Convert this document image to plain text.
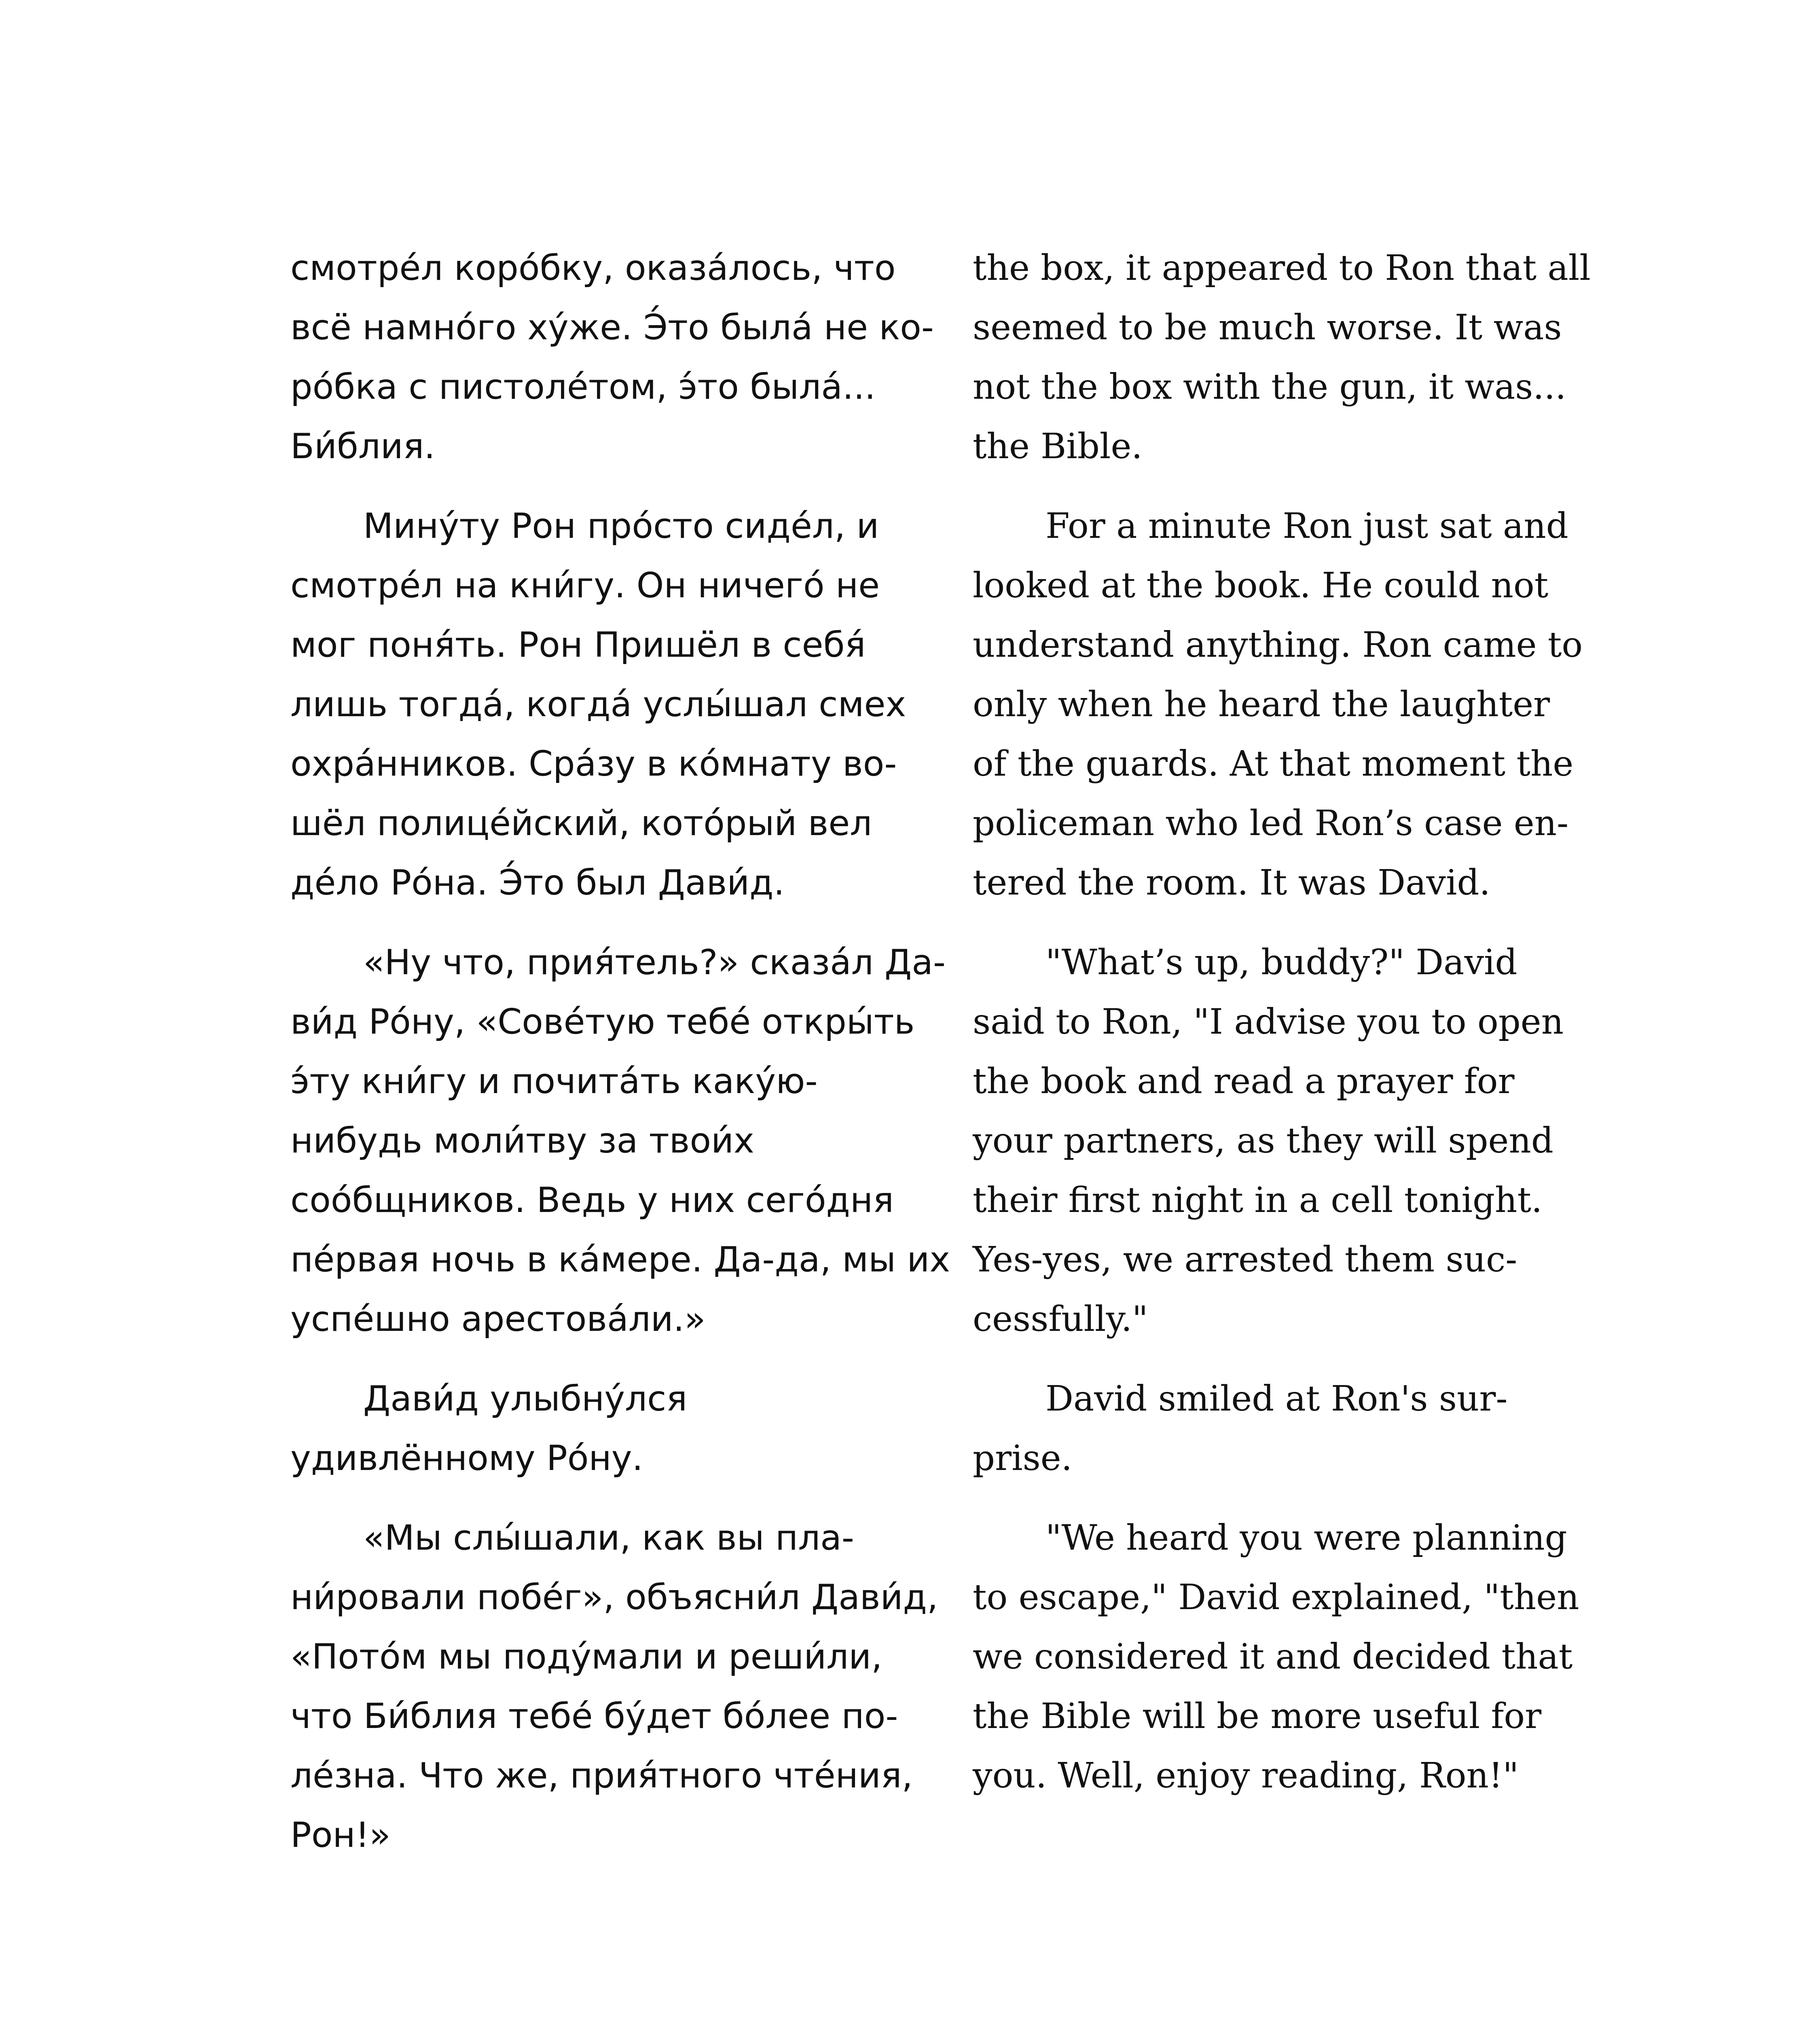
смотре́л коро́бку, оказа́лось, что
всё намно́го ху́же. Э́то была́ не ко-
ро́бка с пистоле́том, э́то была́...
Би́блия.
Мину́ту Рон про́сто сиде́л, и
смотре́л на кни́гу. Он ничего́ не
мог поня́ть. Рон Пришёл в себя́
лишь тогда́, когда́ услы́шал смех
охра́нников. Сра́зу в ко́мнату во-
шёл полице́йский, кото́рый вел
де́ло Ро́на. Э́то был Дави́д.
«Ну что, прия́тель?» сказа́л Да-
ви́д Ро́ну, «Сове́тую тебе́ откры́ть
э́ту кни́гу и почита́ть каку́ю-
нибудь моли́тву за твои́х
соо́бщников. Ведь у них сего́дня
пе́рвая ночь в ка́мере. Да-да, мы их
успе́шно арестова́ли.»
Дави́д улыбну́лся
удивлённому Ро́ну.
«Мы слы́шали, как вы пла-
ни́ровали побе́г», объясни́л Дави́д,
«Пото́м мы поду́мали и реши́ли,
что Би́блия тебе́ бу́дет бо́лее по-
ле́зна. Что же, прия́тного чте́ния,
Рон!»
the box, it appeared to Ron that all
seemed to be much worse. It was
not the box with the gun, it was...
the Bible.
For a minute Ron just sat and
looked at the book. He could not
understand anything. Ron came to
only when he heard the laughter
of the guards. At that moment the
policeman who led Ron’s case en-
tered the room. It was David.
"What’s up, buddy?" David
said to Ron, "I advise you to open
the book and read a prayer for
your partners, as they will spend
their first night in a cell tonight.
Yes-yes, we arrested them suc-
cessfully."
David smiled at Ron's sur-
prise.
"We heard you were planning
to escape," David explained, "then
we considered it and decided that
the Bible will be more useful for
you. Well, enjoy reading, Ron!"
